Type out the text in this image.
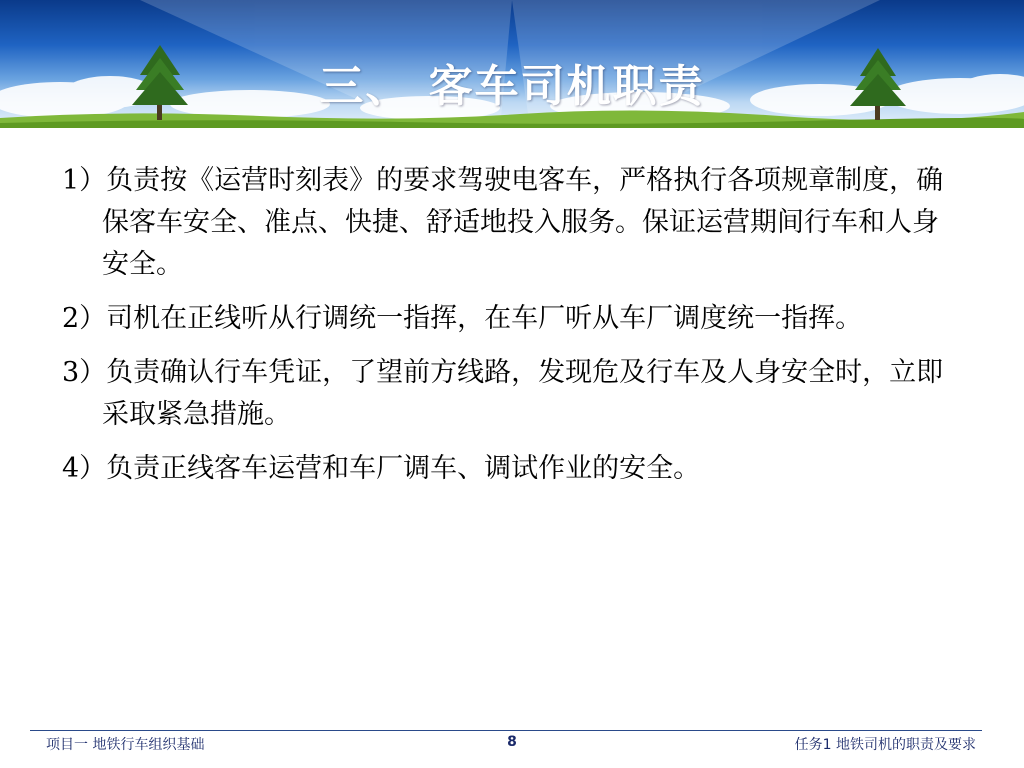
三、 客车司机职责

1）负责按《运营时刻表》的要求驾驶电客车，严格执行各项规章制度，确保客车安全、准点、快捷、舒适地投入服务。保证运营期间行车和人身安全。

2）司机在正线听从行调统一指挥，在车厂听从车厂调度统一指挥。

3）负责确认行车凭证，了望前方线路，发现危及行车及人身安全时，立即采取紧急措施。

4）负责正线客车运营和车厂调车、调试作业的安全。

项目一 地铁行车组织基础	8	任务1 地铁司机的职责及要求
